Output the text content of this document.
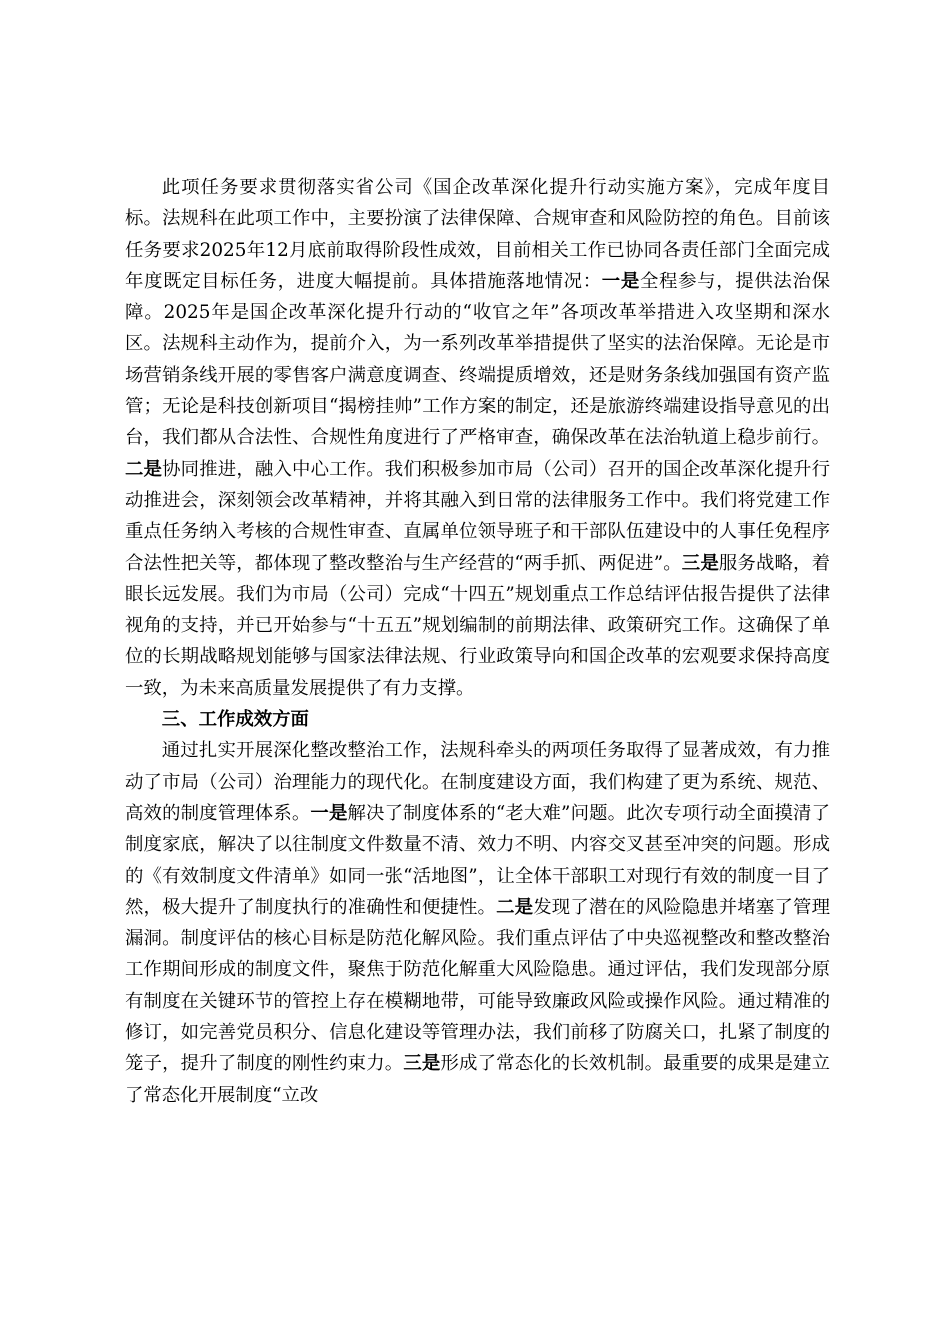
此项任务要求贯彻落实省公司《国企改革深化提升行动实施方案》，完成年度目标。法规科在此项工作中，主要扮演了法律保障、合规审查和风险防控的角色。目前该任务要求2025年12月底前取得阶段性成效，目前相关工作已协同各责任部门全面完成年度既定目标任务，进度大幅提前。具体措施落地情况：一是全程参与，提供法治保障。2025年是国企改革深化提升行动的“收官之年”各项改革举措进入攻坚期和深水区。法规科主动作为，提前介入，为一系列改革举措提供了坚实的法治保障。无论是市场营销条线开展的零售客户满意度调查、终端提质增效，还是财务条线加强国有资产监管；无论是科技创新项目“揭榜挂帅”工作方案的制定，还是旅游终端建设指导意见的出台，我们都从合法性、合规性角度进行了严格审查，确保改革在法治轨道上稳步前行。二是协同推进，融入中心工作。我们积极参加市局（公司）召开的国企改革深化提升行动推进会，深刻领会改革精神，并将其融入到日常的法律服务工作中。我们将党建工作重点任务纳入考核的合规性审查、直属单位领导班子和干部队伍建设中的人事任免程序合法性把关等，都体现了整改整治与生产经营的“两手抓、两促进”。三是服务战略，着眼长远发展。我们为市局（公司）完成“十四五”规划重点工作总结评估报告提供了法律视角的支持，并已开始参与“十五五”规划编制的前期法律、政策研究工作。这确保了单位的长期战略规划能够与国家法律法规、行业政策导向和国企改革的宏观要求保持高度一致，为未来高质量发展提供了有力支撑。

三、工作成效方面

通过扎实开展深化整改整治工作，法规科牵头的两项任务取得了显著成效，有力推动了市局（公司）治理能力的现代化。在制度建设方面，我们构建了更为系统、规范、高效的制度管理体系。一是解决了制度体系的“老大难”问题。此次专项行动全面摸清了制度家底，解决了以往制度文件数量不清、效力不明、内容交叉甚至冲突的问题。形成的《有效制度文件清单》如同一张“活地图”，让全体干部职工对现行有效的制度一目了然，极大提升了制度执行的准确性和便捷性。二是发现了潜在的风险隐患并堵塞了管理漏洞。制度评估的核心目标是防范化解风险。我们重点评估了中央巡视整改和整改整治工作期间形成的制度文件，聚焦于防范化解重大风险隐患。通过评估，我们发现部分原有制度在关键环节的管控上存在模糊地带，可能导致廉政风险或操作风险。通过精准的修订，如完善党员积分、信息化建设等管理办法，我们前移了防腐关口，扎紧了制度的笼子，提升了制度的刚性约束力。三是形成了常态化的长效机制。最重要的成果是建立了常态化开展制度“立改
